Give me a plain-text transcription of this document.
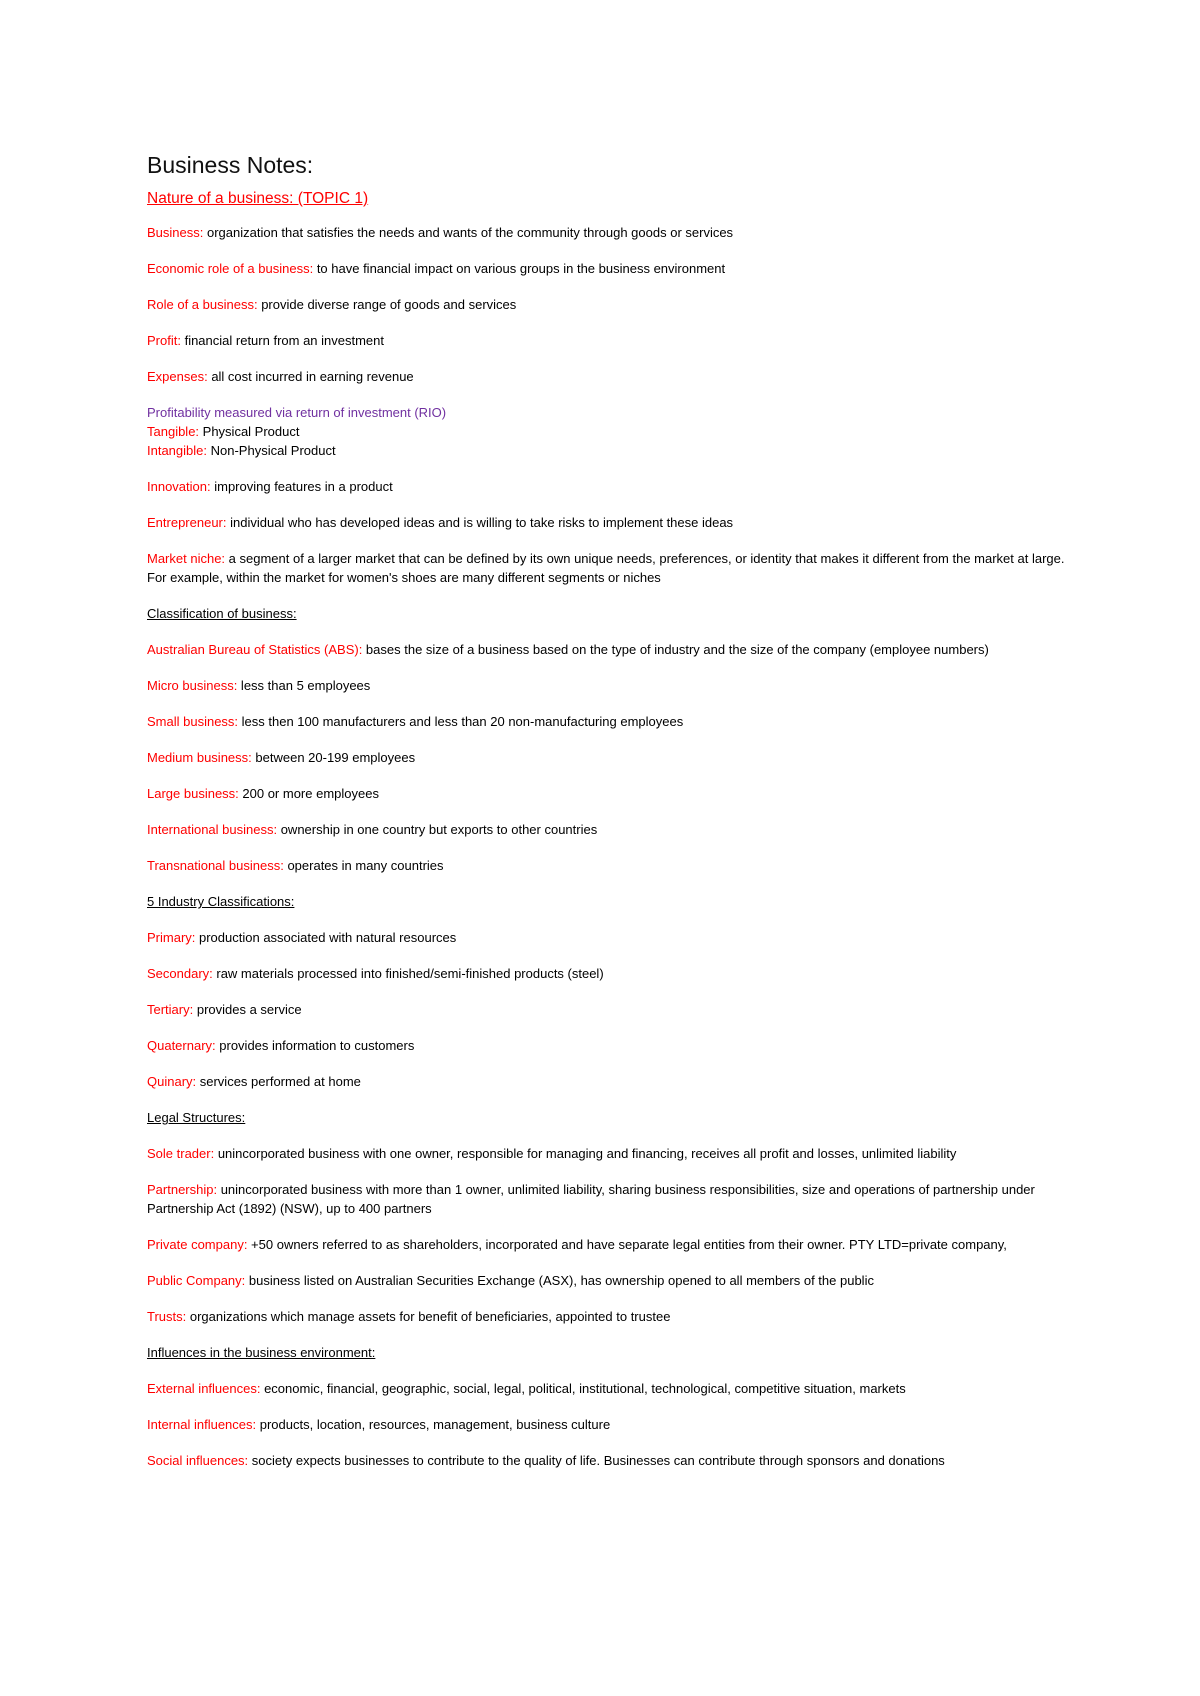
Business Notes:
Nature of a business: (TOPIC 1)

Business: organization that satisfies the needs and wants of the community through goods or services

Economic role of a business: to have financial impact on various groups in the business environment

Role of a business: provide diverse range of goods and services

Profit: financial return from an investment

Expenses: all cost incurred in earning revenue

Profitability measured via return of investment (RIO)

Tangible: Physical Product

Intangible: Non-Physical Product

Innovation: improving features in a product

Entrepreneur: individual who has developed ideas and is willing to take risks to implement these ideas

Market niche: a segment of a larger market that can be defined by its own unique needs, preferences, or identity that makes it different from the market at large. For example, within the market for women's shoes are many different segments or niches

Classification of business:

Australian Bureau of Statistics (ABS): bases the size of a business based on the type of industry and the size of the company (employee numbers)

Micro business: less than 5 employees

Small business: less then 100 manufacturers and less than 20 non-manufacturing employees

Medium business: between 20-199 employees

Large business: 200 or more employees

International business: ownership in one country but exports to other countries

Transnational business: operates in many countries

5 Industry Classifications:

Primary: production associated with natural resources

Secondary: raw materials processed into finished/semi-finished products (steel)

Tertiary: provides a service

Quaternary: provides information to customers

Quinary: services performed at home

Legal Structures:

Sole trader: unincorporated business with one owner, responsible for managing and financing, receives all profit and losses, unlimited liability

Partnership: unincorporated business with more than 1 owner, unlimited liability, sharing business responsibilities, size and operations of partnership under Partnership Act (1892) (NSW), up to 400 partners

Private company: +50 owners referred to as shareholders, incorporated and have separate legal entities from their owner. PTY LTD=private company,

Public Company: business listed on Australian Securities Exchange (ASX), has ownership opened to all members of the public

Trusts: organizations which manage assets for benefit of beneficiaries, appointed to trustee

Influences in the business environment:

External influences: economic, financial, geographic, social, legal, political, institutional, technological, competitive situation, markets

Internal influences: products, location, resources, management, business culture

Social influences: society expects businesses to contribute to the quality of life. Businesses can contribute through sponsors and donations
